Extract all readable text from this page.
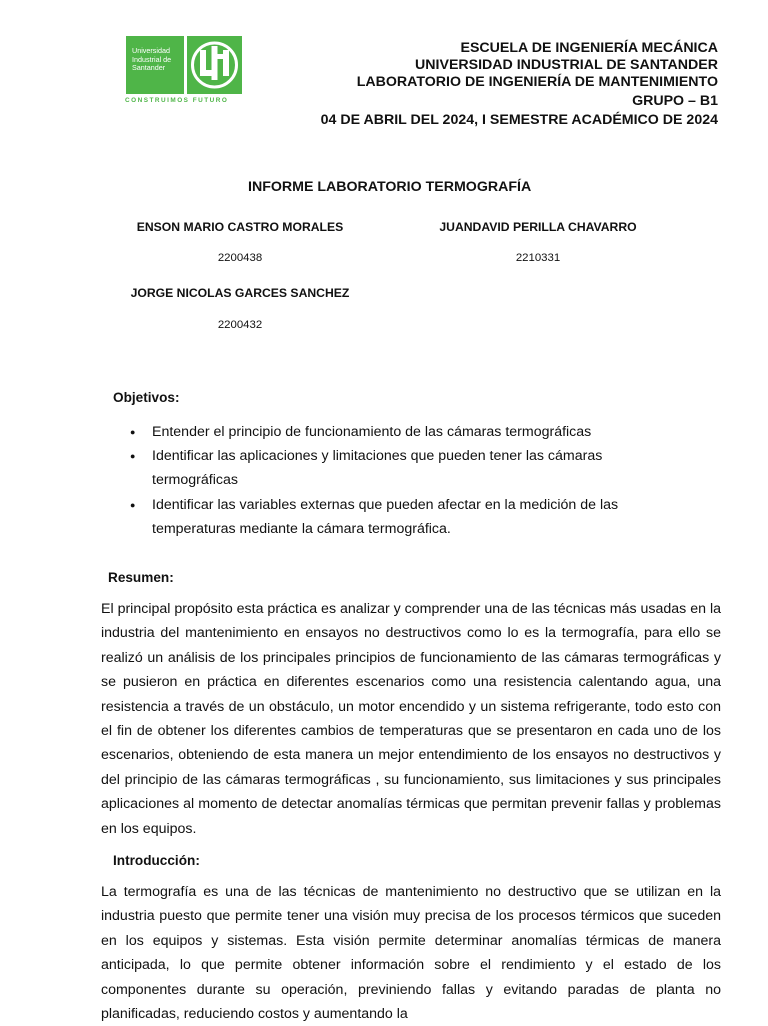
Universidad
Industrial de
Santander
CONSTRUIMOS FUTURO
ESCUELA DE INGENIERÍA MECÁNICA
UNIVERSIDAD INDUSTRIAL DE SANTANDER
LABORATORIO DE INGENIERÍA DE MANTENIMIENTO
GRUPO – B1
04 DE ABRIL DEL 2024, I SEMESTRE ACADÉMICO DE 2024
INFORME LABORATORIO TERMOGRAFÍA
ENSON MARIO CASTRO MORALES
2200438
JUANDAVID PERILLA CHAVARRO
2210331
JORGE NICOLAS GARCES SANCHEZ
2200432
Objetivos:
● Entender el principio de funcionamiento de las cámaras termográficas
● Identificar las aplicaciones y limitaciones que pueden tener las cámaras termográficas
● Identificar las variables externas que pueden afectar en la medición de las temperaturas mediante la cámara termográfica.
Resumen:
El principal propósito esta práctica es analizar y comprender una de las técnicas más usadas en la industria del mantenimiento en ensayos no destructivos como lo es la termografía, para ello se realizó un análisis de los principales principios de funcionamiento de las cámaras termográficas y se pusieron en práctica en diferentes escenarios como una resistencia calentando agua, una resistencia a través de un obstáculo, un motor encendido y un sistema refrigerante, todo esto con el fin de obtener los diferentes cambios de temperaturas que se presentaron en cada uno de los escenarios, obteniendo de esta manera un mejor entendimiento de los ensayos no destructivos y del principio de las cámaras termográficas , su funcionamiento, sus limitaciones y sus principales aplicaciones al momento de detectar anomalías térmicas que permitan prevenir fallas y problemas en los equipos.
Introducción:
La termografía es una de las técnicas de mantenimiento no destructivo que se utilizan en la industria puesto que permite tener una visión muy precisa de los procesos térmicos que suceden en los equipos y sistemas. Esta visión permite determinar anomalías térmicas de manera anticipada, lo que permite obtener información sobre el rendimiento y el estado de los componentes durante su operación, previniendo fallas y evitando paradas de planta no planificadas, reduciendo costos y aumentando la
